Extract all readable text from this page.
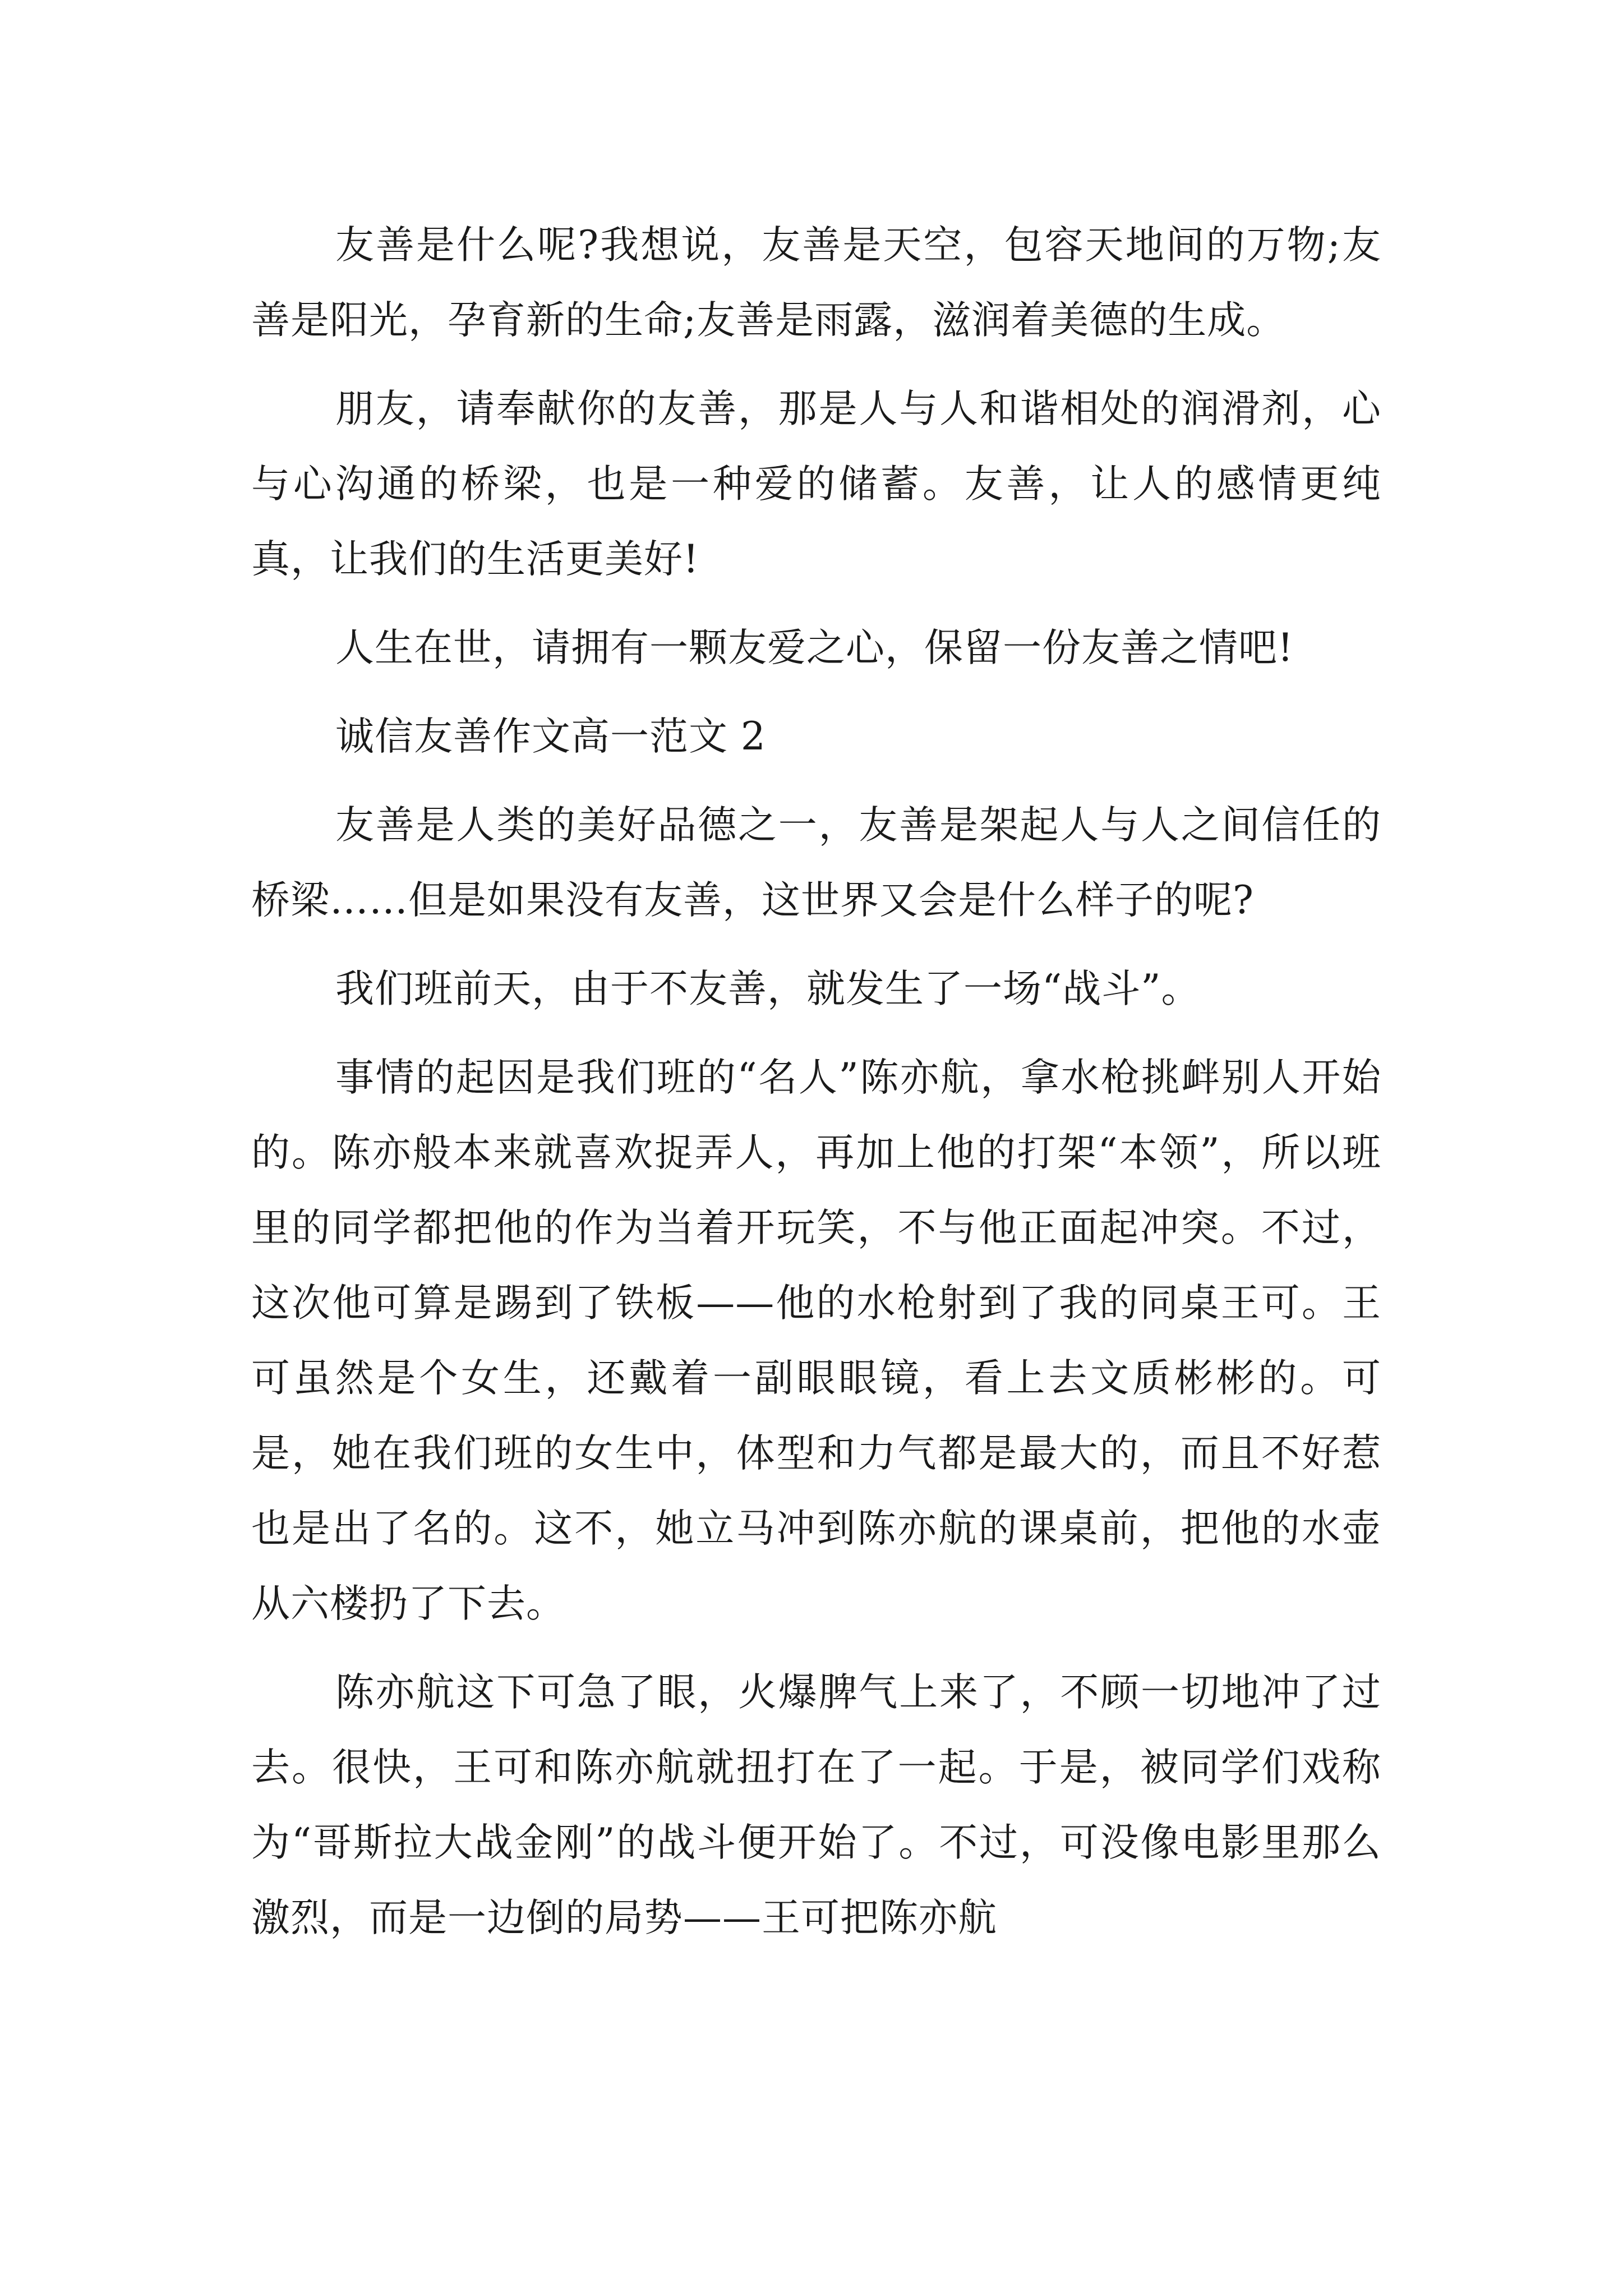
友善是什么呢?我想说，友善是天空，包容天地间的万物;友善是阳光，孕育新的生命;友善是雨露，滋润着美德的生成。

朋友，请奉献你的友善，那是人与人和谐相处的润滑剂，心与心沟通的桥梁，也是一种爱的储蓄。友善，让人的感情更纯真，让我们的生活更美好!

人生在世，请拥有一颗友爱之心，保留一份友善之情吧!

诚信友善作文高一范文 2

友善是人类的美好品德之一，友善是架起人与人之间信任的桥梁……但是如果没有友善，这世界又会是什么样子的呢?

我们班前天，由于不友善，就发生了一场“战斗”。

事情的起因是我们班的“名人”陈亦航，拿水枪挑衅别人开始的。陈亦般本来就喜欢捉弄人，再加上他的打架“本领”，所以班里的同学都把他的作为当着开玩笑，不与他正面起冲突。不过，这次他可算是踢到了铁板——他的水枪射到了我的同桌王可。王可虽然是个女生，还戴着一副眼眼镜，看上去文质彬彬的。可是，她在我们班的女生中，体型和力气都是最大的，而且不好惹也是出了名的。这不，她立马冲到陈亦航的课桌前，把他的水壶从六楼扔了下去。

陈亦航这下可急了眼，火爆脾气上来了，不顾一切地冲了过去。很快，王可和陈亦航就扭打在了一起。于是，被同学们戏称为“哥斯拉大战金刚”的战斗便开始了。不过，可没像电影里那么激烈，而是一边倒的局势——王可把陈亦航
